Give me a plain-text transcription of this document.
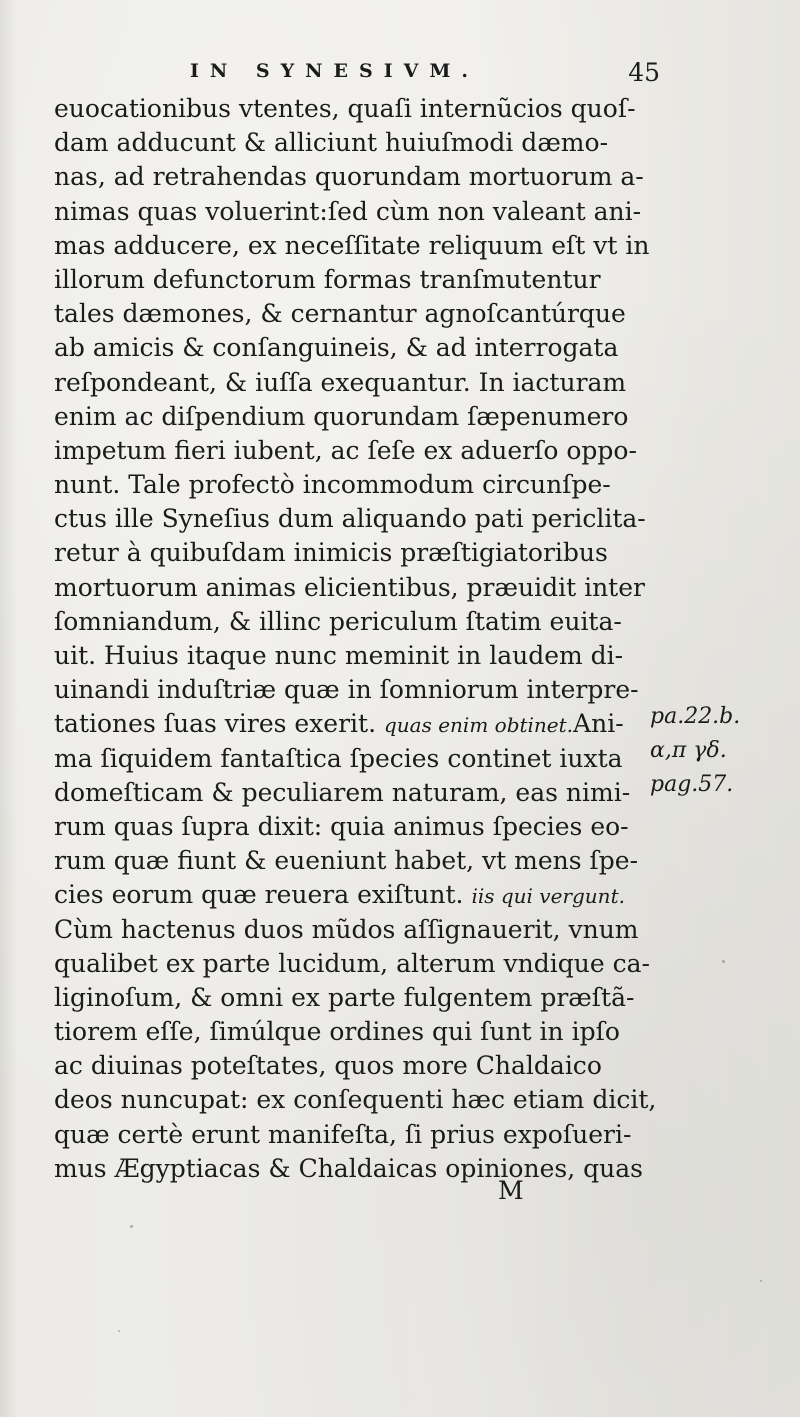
IN SYNESIVM.	45
euocationibus vtentes, quaſi internũcios quoſ-
dam adducunt & alliciunt huiuſmodi dæmo-
nas, ad retrahendas quorundam mortuorum a-
nimas quas voluerint:ſed cùm non valeant ani-
mas adducere, ex neceſſitate reliquum eſt vt in
illorum defunctorum formas tranſmutentur
tales dæmones, & cernantur agnoſcantúrque
ab amicis & conſanguineis, & ad interrogata
reſpondeant, & iuſſa exequantur. In iacturam
enim ac diſpendium quorundam ſæpenumero
impetum fieri iubent, ac ſeſe ex aduerſo oppo-
nunt. Tale profectò incommodum circunſpe-
ctus ille Syneſius dum aliquando pati periclita-
retur à quibuſdam inimicis præſtigiatoribus
mortuorum animas elicientibus, præuidit inter
ſomniandum, & illinc periculum ſtatim euita-
uit. Huius itaque nunc meminit in laudem di-
uinandi induſtriæ quæ in ſomniorum interpre-
tationes ſuas vires exerit. quas enim obtinet.Ani-
ma ſiquidem fantaſtica ſpecies continet iuxta
domeſticam & peculiarem naturam, eas nimi-
rum quas ſupra dixit: quia animus ſpecies eo-
rum quæ fiunt & eueniunt habet, vt mens ſpe-
cies eorum quæ reuera exiſtunt. iis qui vergunt.
Cùm hactenus duos mũdos aſſignauerit, vnum
qualibet ex parte lucidum, alterum vndique ca-
liginoſum, & omni ex parte fulgentem præſtã-
tiorem eſſe, ſimúlque ordines qui ſunt in ipſo
ac diuinas poteſtates, quos more Chaldaico
deos nuncupat: ex conſequenti hæc etiam dicit,
quæ certè erunt manifeſta, ſi prius expoſueri-
mus Ægyptiacas & Chaldaicas opiniones, quas
pa.22.b.
α,π γδ.
pag.57.
M
